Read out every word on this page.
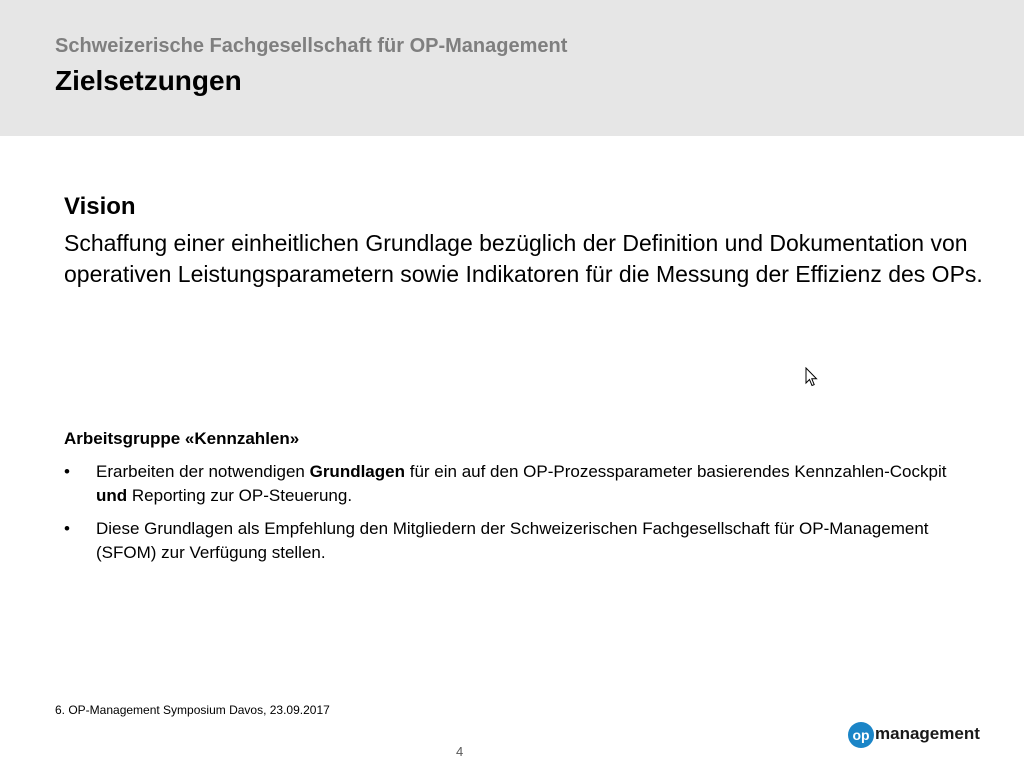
Schweizerische Fachgesellschaft für OP-Management
Zielsetzungen
Vision
Schaffung einer einheitlichen Grundlage bezüglich der Definition und Dokumentation von operativen Leistungsparametern sowie Indikatoren für die Messung der Effizienz des OPs.
Arbeitsgruppe «Kennzahlen»
• Erarbeiten der notwendigen Grundlagen für ein auf den OP-Prozessparameter basierendes Kennzahlen-Cockpit und Reporting zur OP-Steuerung.
• Diese Grundlagen als Empfehlung den Mitgliedern der Schweizerischen Fachgesellschaft für OP-Management (SFOM) zur Verfügung stellen.
6. OP-Management Symposium Davos, 23.09.2017
4
op management
